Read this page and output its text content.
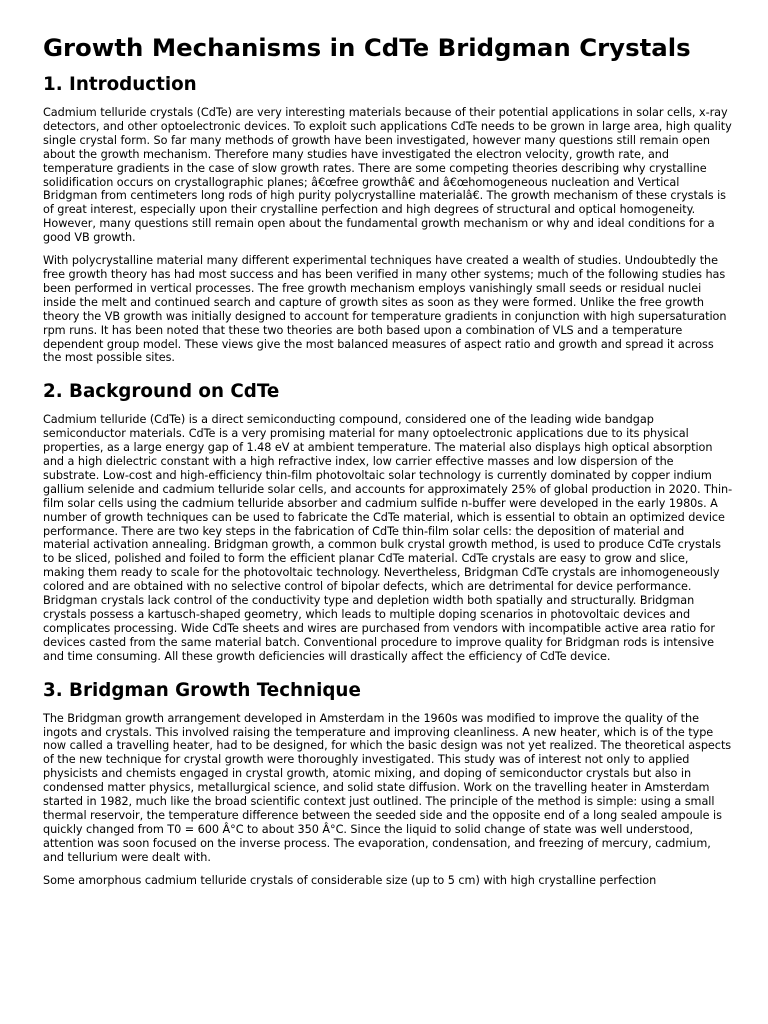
Growth Mechanisms in CdTe Bridgman Crystals
1. Introduction

Cadmium telluride crystals (CdTe) are very interesting materials because of their potential applications in solar cells, x-ray detectors, and other optoelectronic devices. To exploit such applications CdTe needs to be grown in large area, high quality single crystal form. So far many methods of growth have been investigated, however many questions still remain open about the growth mechanism. Therefore many studies have investigated the electron velocity, growth rate, and temperature gradients in the case of slow growth rates. There are some competing theories describing why crystalline solidification occurs on crystallographic planes; â€œfree growthâ€ and â€œhomogeneous nucleation and Vertical Bridgman from centimeters long rods of high purity polycrystalline materialâ€. The growth mechanism of these crystals is of great interest, especially upon their crystalline perfection and high degrees of structural and optical homogeneity. However, many questions still remain open about the fundamental growth mechanism or why and ideal conditions for a good VB growth.

With polycrystalline material many different experimental techniques have created a wealth of studies. Undoubtedly the free growth theory has had most success and has been verified in many other systems; much of the following studies has been performed in vertical processes. The free growth mechanism employs vanishingly small seeds or residual nuclei inside the melt and continued search and capture of growth sites as soon as they were formed. Unlike the free growth theory the VB growth was initially designed to account for temperature gradients in conjunction with high supersaturation rpm runs. It has been noted that these two theories are both based upon a combination of VLS and a temperature dependent group model. These views give the most balanced measures of aspect ratio and growth and spread it across the most possible sites.

2. Background on CdTe

Cadmium telluride (CdTe) is a direct semiconducting compound, considered one of the leading wide bandgap semiconductor materials. CdTe is a very promising material for many optoelectronic applications due to its physical properties, as a large energy gap of 1.48 eV at ambient temperature. The material also displays high optical absorption and a high dielectric constant with a high refractive index, low carrier effective masses and low dispersion of the substrate. Low-cost and high-efficiency thin-film photovoltaic solar technology is currently dominated by copper indium gallium selenide and cadmium telluride solar cells, and accounts for approximately 25% of global production in 2020. Thin-film solar cells using the cadmium telluride absorber and cadmium sulfide n-buffer were developed in the early 1980s. A number of growth techniques can be used to fabricate the CdTe material, which is essential to obtain an optimized device performance. There are two key steps in the fabrication of CdTe thin-film solar cells: the deposition of material and material activation annealing. Bridgman growth, a common bulk crystal growth method, is used to produce CdTe crystals to be sliced, polished and foiled to form the efficient planar CdTe material. CdTe crystals are easy to grow and slice, making them ready to scale for the photovoltaic technology. Nevertheless, Bridgman CdTe crystals are inhomogeneously colored and are obtained with no selective control of bipolar defects, which are detrimental for device performance. Bridgman crystals lack control of the conductivity type and depletion width both spatially and structurally. Bridgman crystals possess a kartusch-shaped geometry, which leads to multiple doping scenarios in photovoltaic devices and complicates processing. Wide CdTe sheets and wires are purchased from vendors with incompatible active area ratio for devices casted from the same material batch. Conventional procedure to improve quality for Bridgman rods is intensive and time consuming. All these growth deficiencies will drastically affect the efficiency of CdTe device.

3. Bridgman Growth Technique

The Bridgman growth arrangement developed in Amsterdam in the 1960s was modified to improve the quality of the ingots and crystals. This involved raising the temperature and improving cleanliness. A new heater, which is of the type now called a travelling heater, had to be designed, for which the basic design was not yet realized. The theoretical aspects of the new technique for crystal growth were thoroughly investigated. This study was of interest not only to applied physicists and chemists engaged in crystal growth, atomic mixing, and doping of semiconductor crystals but also in condensed matter physics, metallurgical science, and solid state diffusion. Work on the travelling heater in Amsterdam started in 1982, much like the broad scientific context just outlined. The principle of the method is simple: using a small thermal reservoir, the temperature difference between the seeded side and the opposite end of a long sealed ampoule is quickly changed from T0 = 600 Â°C to about 350 Â°C. Since the liquid to solid change of state was well understood, attention was soon focused on the inverse process. The evaporation, condensation, and freezing of mercury, cadmium, and tellurium were dealt with.

Some amorphous cadmium telluride crystals of considerable size (up to 5 cm) with high crystalline perfection
